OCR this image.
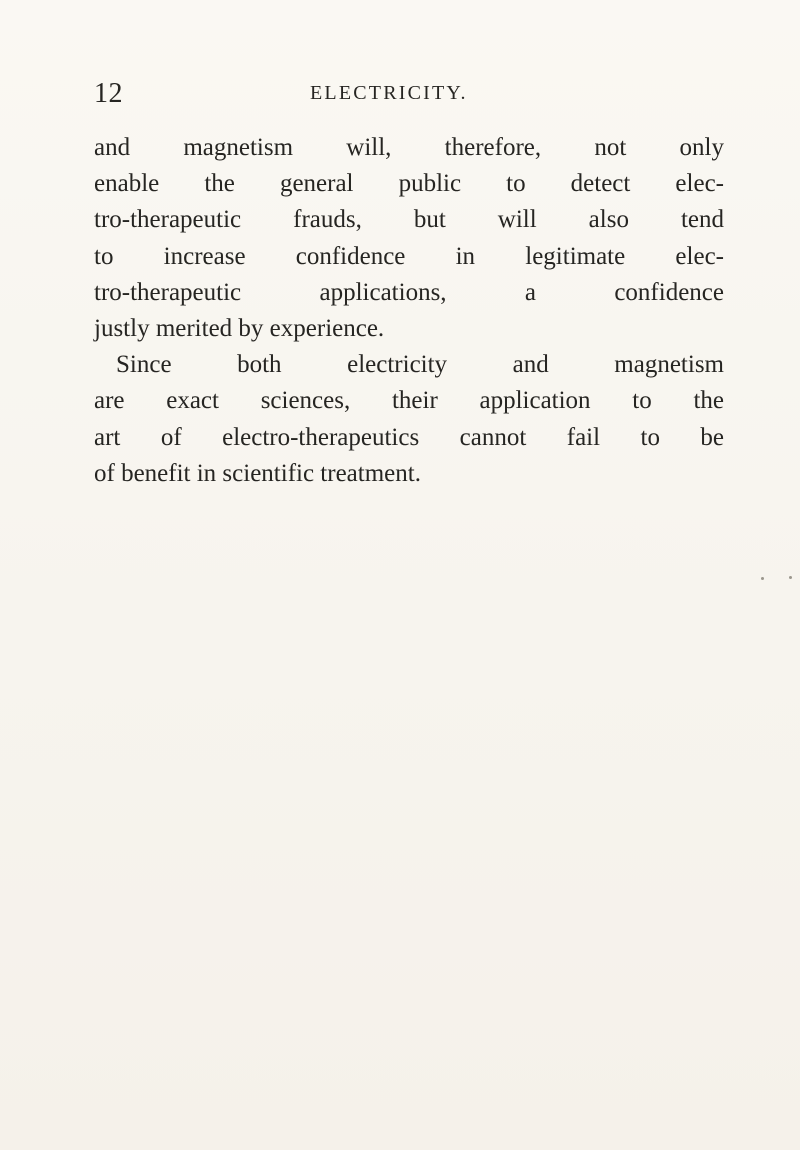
12	ELECTRICITY.
and magnetism will, therefore, not only
enable the general public to detect elec-
tro-therapeutic frauds, but will also tend
to increase confidence in legitimate elec-
tro-therapeutic applications, a confidence
justly merited by experience.
Since both electricity and magnetism
are exact sciences, their application to the
art of electro-therapeutics cannot fail to be
of benefit in scientific treatment.
